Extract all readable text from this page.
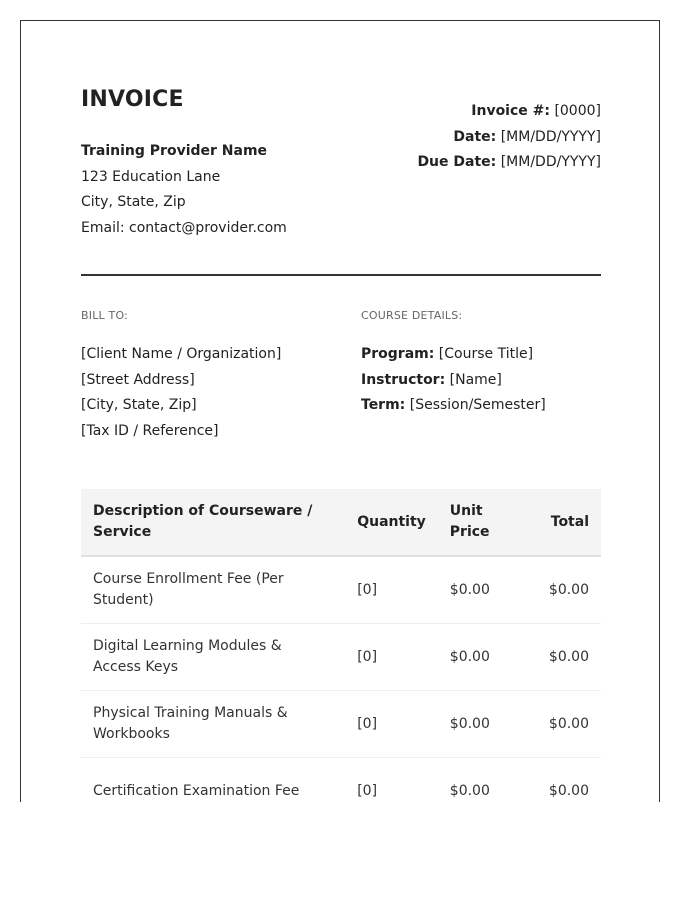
INVOICE
Training Provider Name
123 Education Lane
City, State, Zip
Email: contact@provider.com
Invoice #: [0000]
Date: [MM/DD/YYYY]
Due Date: [MM/DD/YYYY]
BILL TO:
[Client Name / Organization]
[Street Address]
[City, State, Zip]
[Tax ID / Reference]
COURSE DETAILS:
Program: [Course Title]
Instructor: [Name]
Term: [Session/Semester]
Description of Courseware / Service	Quantity	Unit Price	Total
Course Enrollment Fee (Per Student)	[0]	$0.00	$0.00
Digital Learning Modules & Access Keys	[0]	$0.00	$0.00
Physical Training Manuals & Workbooks	[0]	$0.00	$0.00
Certification Examination Fee	[0]	$0.00	$0.00
